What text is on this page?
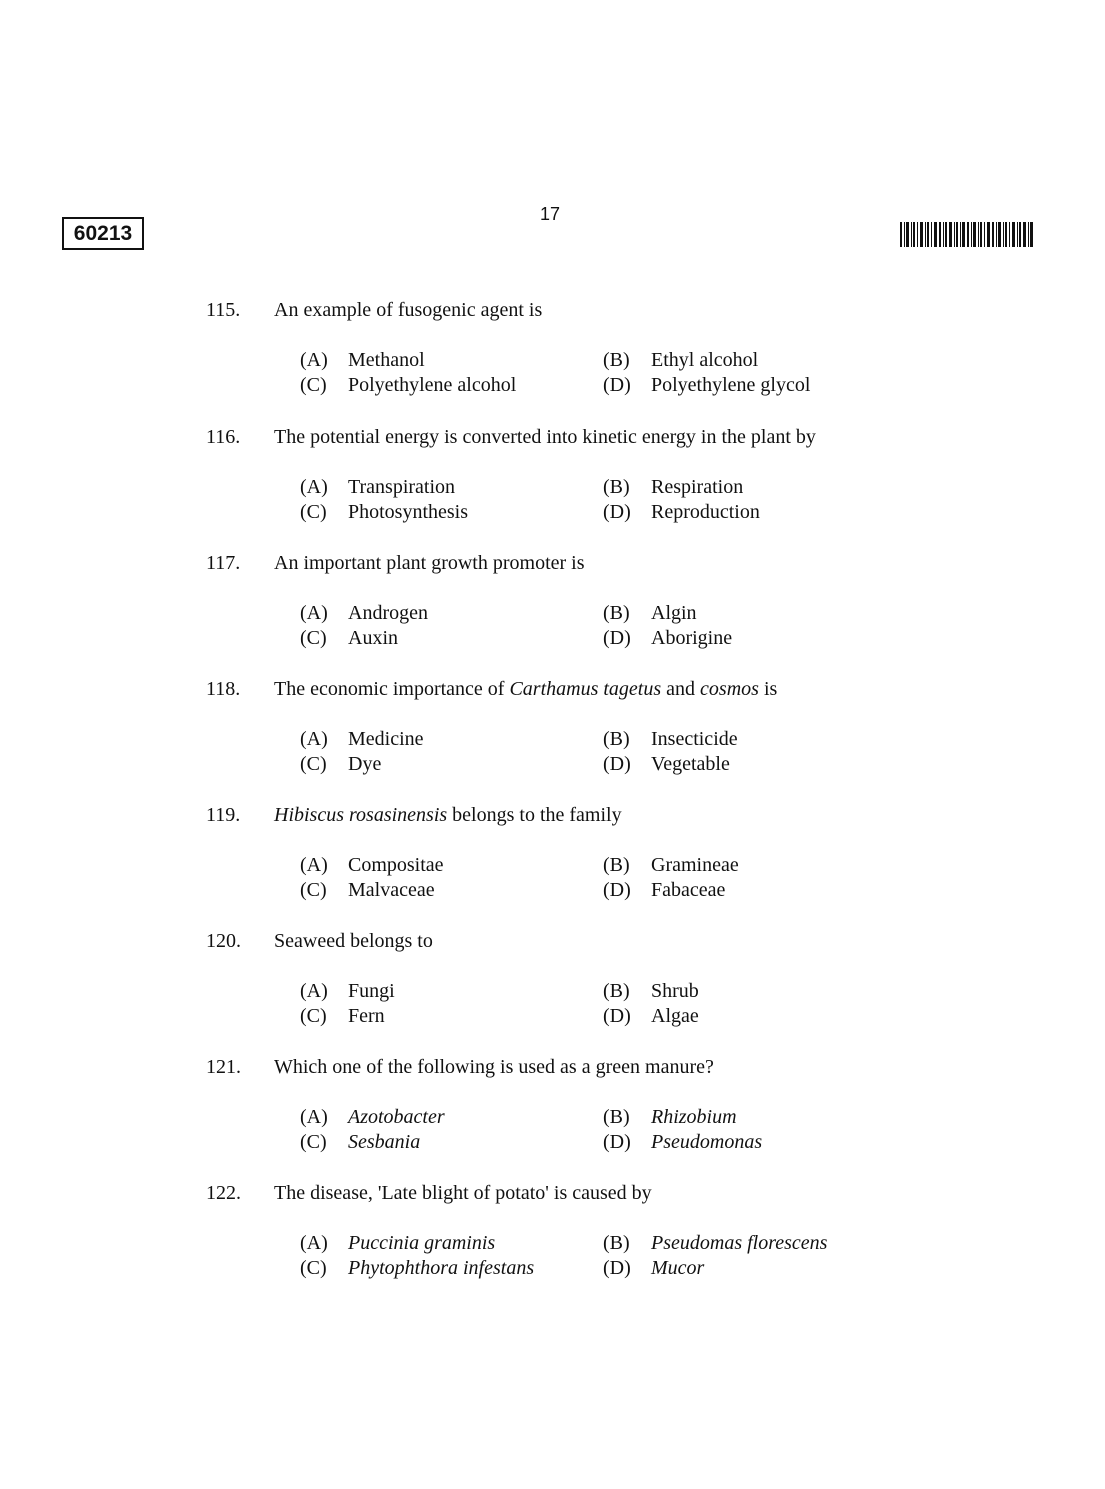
60213
17
115. An example of fusogenic agent is
(A) Methanol	(B) Ethyl alcohol
(C) Polyethylene alcohol	(D) Polyethylene glycol
116. The potential energy is converted into kinetic energy in the plant by
(A) Transpiration	(B) Respiration
(C) Photosynthesis	(D) Reproduction
117. An important plant growth promoter is
(A) Androgen	(B) Algin
(C) Auxin	(D) Aborigine
118. The economic importance of Carthamus tagetus and cosmos is
(A) Medicine	(B) Insecticide
(C) Dye	(D) Vegetable
119. Hibiscus rosasinensis belongs to the family
(A) Compositae	(B) Gramineae
(C) Malvaceae	(D) Fabaceae
120. Seaweed belongs to
(A) Fungi	(B) Shrub
(C) Fern	(D) Algae
121. Which one of the following is used as a green manure?
(A) Azotobacter	(B) Rhizobium
(C) Sesbania	(D) Pseudomonas
122. The disease, 'Late blight of potato' is caused by
(A) Puccinia graminis	(B) Pseudomas florescens
(C) Phytophthora infestans	(D) Mucor
